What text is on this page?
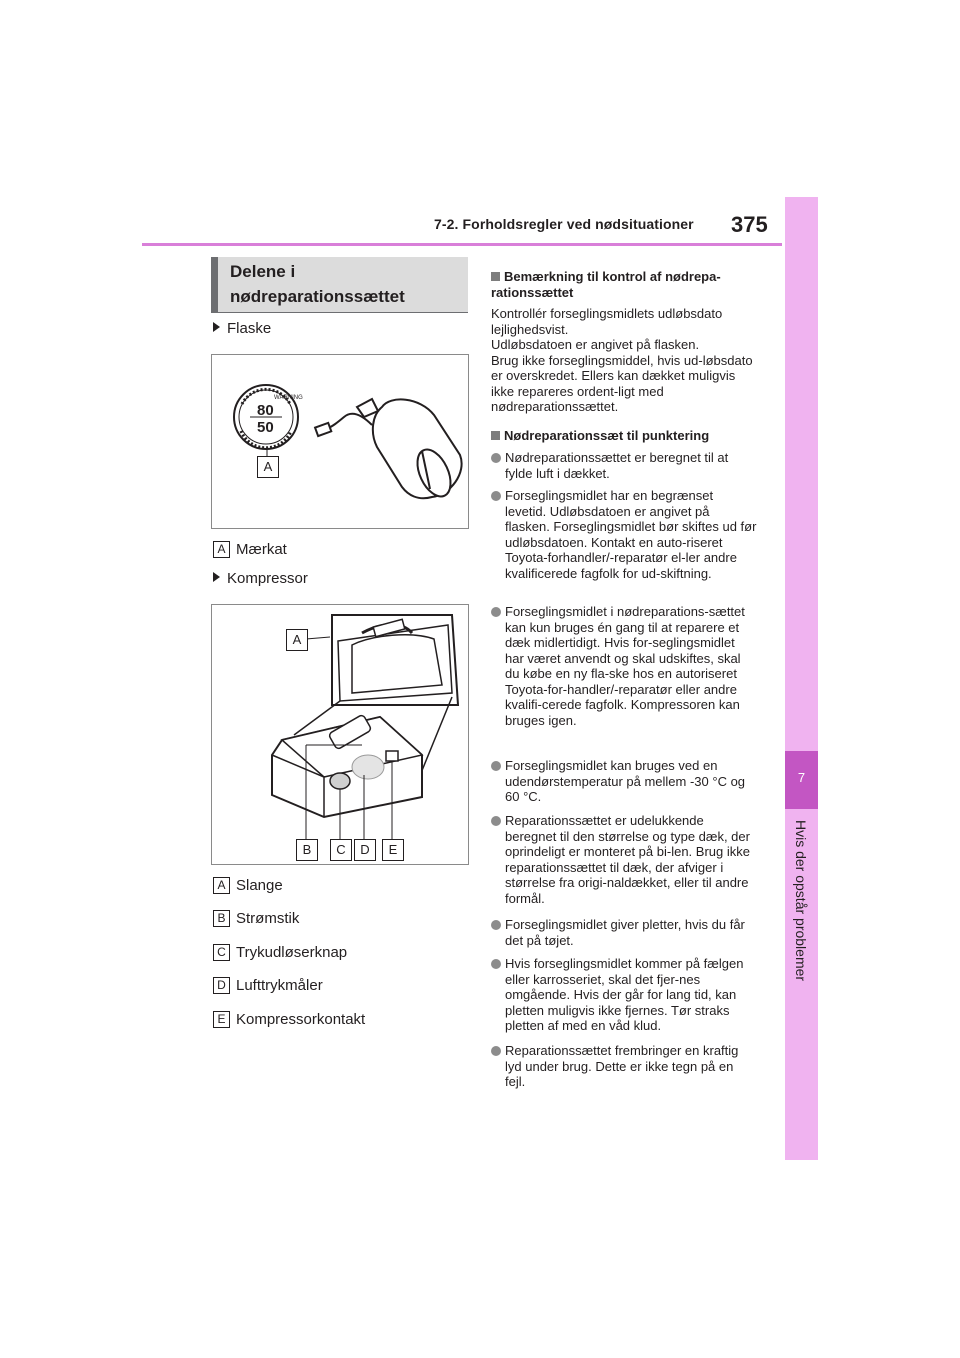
7-2. Forholdsregler ved nødsituationer 375
7
Hvis der opstår problemer
Delene i
nødreparationssættet
Flaske
WARNING
80
50
A
A Mærkat
Kompressor
A
B	C	D	E
A Slange
B Strømstik
C Trykudløserknap
D Lufttrykmåler
E Kompressorkontakt
Bemærkning til kontrol af nødrepa-
rationssættet
Kontrollér forseglingsmidlets udløbsdato lejlighedsvist.
Udløbsdatoen er angivet på flasken.
Brug ikke forseglingsmiddel, hvis ud-løbsdato er overskredet. Ellers kan dækket muligvis ikke repareres ordent-ligt med nødreparationssættet.
Nødreparationssæt til punktering
Nødreparationssættet er beregnet til at fylde luft i dækket.
Forseglingsmidlet har en begrænset levetid. Udløbsdatoen er angivet på flasken. Forseglingsmidlet bør skiftes ud før udløbsdatoen. Kontakt en auto-riseret Toyota-forhandler/-reparatør el-ler andre kvalificerede fagfolk for ud-skiftning.
Forseglingsmidlet i nødreparations-sættet kan kun bruges én gang til at reparere et dæk midlertidigt. Hvis for-seglingsmidlet har været anvendt og skal udskiftes, skal du købe en ny fla-ske hos en autoriseret Toyota-for-handler/-reparatør eller andre kvalifi-cerede fagfolk. Kompressoren kan bruges igen.
Forseglingsmidlet kan bruges ved en udendørstemperatur på mellem -30 °C og 60 °C.
Reparationssættet er udelukkende beregnet til den størrelse og type dæk, der oprindeligt er monteret på bi-len. Brug ikke reparationssættet til dæk, der afviger i størrelse fra origi-naldækket, eller til andre formål.
Forseglingsmidlet giver pletter, hvis du får det på tøjet.
Hvis forseglingsmidlet kommer på fælgen eller karrosseriet, skal det fjer-nes omgående. Hvis der går for lang tid, kan pletten muligvis ikke fjernes. Tør straks pletten af med en våd klud.
Reparationssættet frembringer en kraftig lyd under brug. Dette er ikke tegn på en fejl.
